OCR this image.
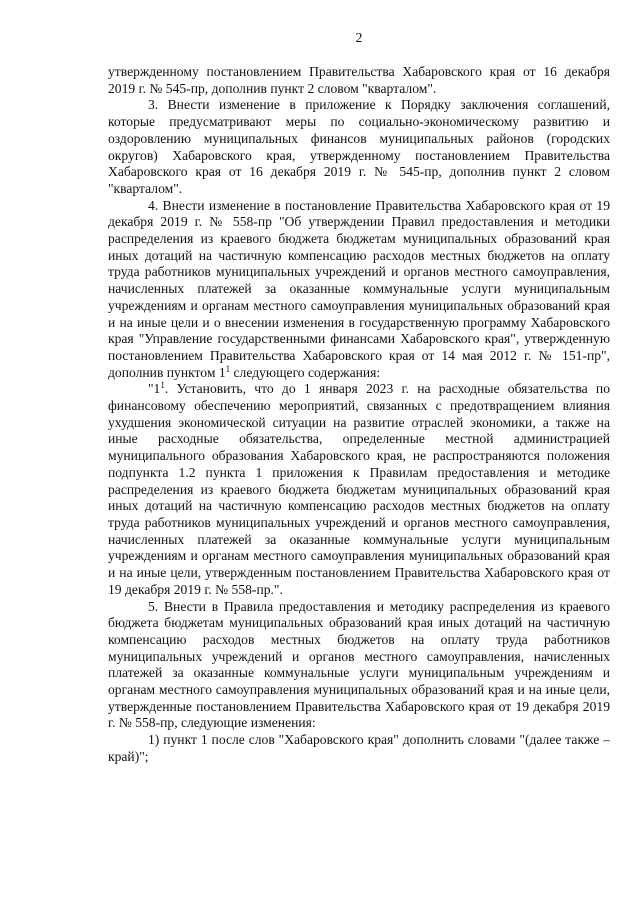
2

утвержденному постановлением Правительства Хабаровского края от 16 декабря 2019 г. № 545-пр, дополнив пункт 2 словом "кварталом".

3. Внести изменение в приложение к Порядку заключения соглашений, которые предусматривают меры по социально-экономическому развитию и оздоровлению муниципальных финансов муниципальных районов (городских округов) Хабаровского края, утвержденному постановлением Правительства Хабаровского края от 16 декабря 2019 г. № 545-пр, дополнив пункт 2 словом "кварталом".

4. Внести изменение в постановление Правительства Хабаровского края от 19 декабря 2019 г. № 558-пр "Об утверждении Правил предоставления и методики распределения из краевого бюджета бюджетам муниципальных образований края иных дотаций на частичную компенсацию расходов местных бюджетов на оплату труда работников муниципальных учреждений и органов местного самоуправления, начисленных платежей за оказанные коммунальные услуги муниципальным учреждениям и органам местного самоуправления муниципальных образований края и на иные цели и о внесении изменения в государственную программу Хабаровского края "Управление государственными финансами Хабаровского края", утвержденную постановлением Правительства Хабаровского края от 14 мая 2012 г. № 151-пр", дополнив пунктом $1^1$ следующего содержания:

"$1^1$. Установить, что до 1 января 2023 г. на расходные обязательства по финансовому обеспечению мероприятий, связанных с предотвращением влияния ухудшения экономической ситуации на развитие отраслей экономики, а также на иные расходные обязательства, определенные местной администрацией муниципального образования Хабаровского края, не распространяются положения подпункта 1.2 пункта 1 приложения к Правилам предоставления и методике распределения из краевого бюджета бюджетам муниципальных образований края иных дотаций на частичную компенсацию расходов местных бюджетов на оплату труда работников муниципальных учреждений и органов местного самоуправления, начисленных платежей за оказанные коммунальные услуги муниципальным учреждениям и органам местного самоуправления муниципальных образований края и на иные цели, утвержденным постановлением Правительства Хабаровского края от 19 декабря 2019 г. № 558-пр.".

5. Внести в Правила предоставления и методику распределения из краевого бюджета бюджетам муниципальных образований края иных дотаций на частичную компенсацию расходов местных бюджетов на оплату труда работников муниципальных учреждений и органов местного самоуправления, начисленных платежей за оказанные коммунальные услуги муниципальным учреждениям и органам местного самоуправления муниципальных образований края и на иные цели, утвержденные постановлением Правительства Хабаровского края от 19 декабря 2019 г. № 558-пр, следующие изменения:

1) пункт 1 после слов "Хабаровского края" дополнить словами "(далее также – край)";
